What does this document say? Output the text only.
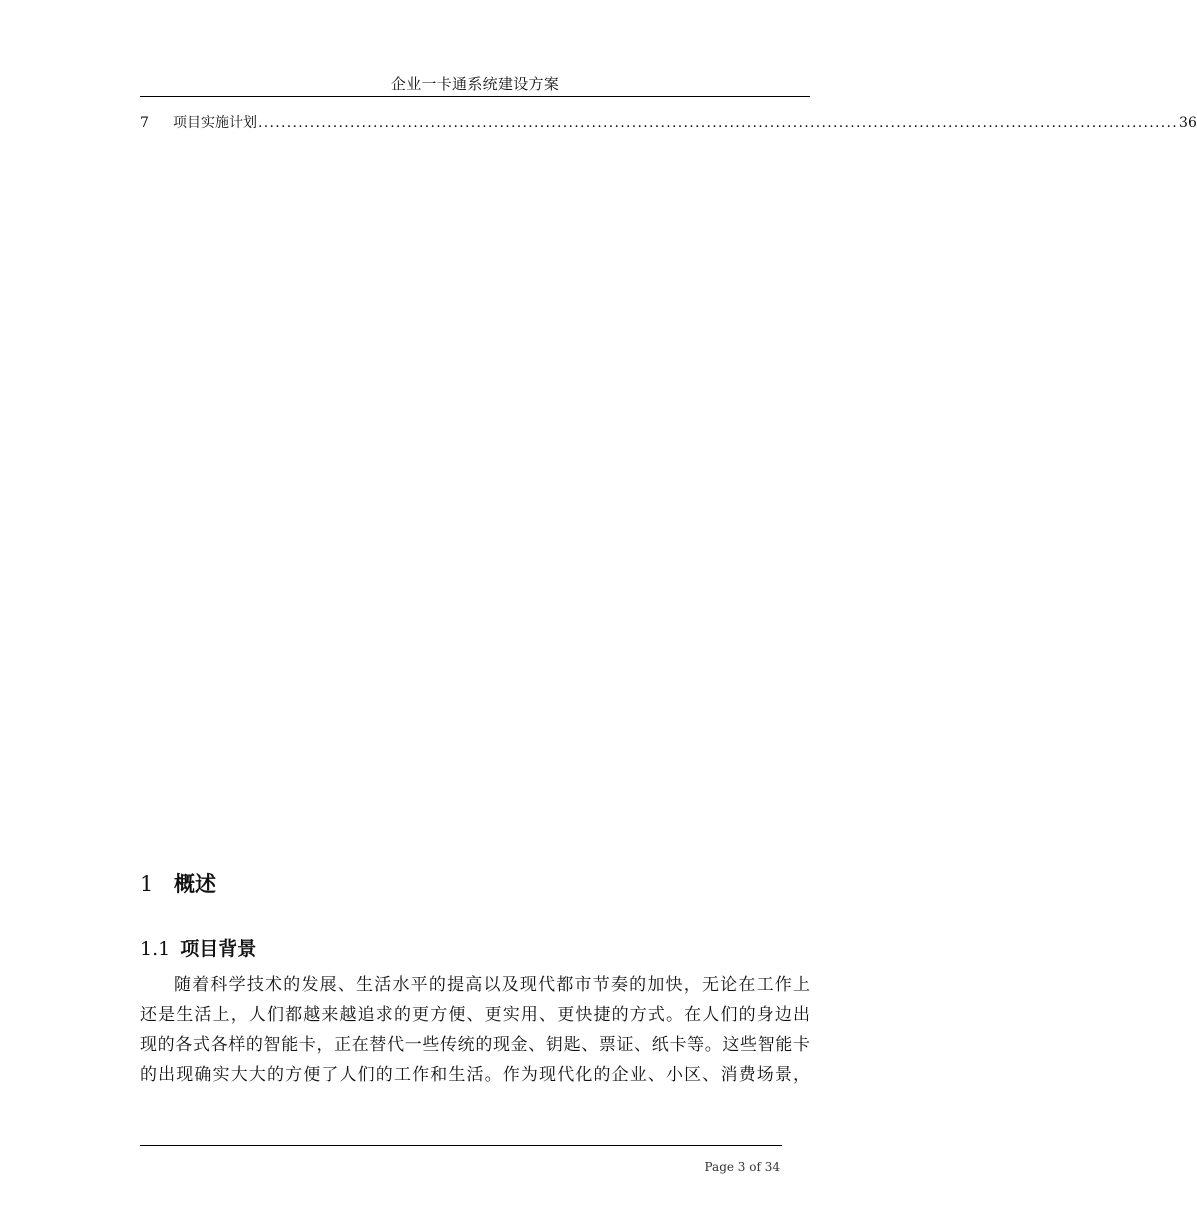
企业一卡通系统建设方案
7	项目实施计划 ................................................................................................................................................................ 36
1 概述
1.1 项目背景
随着科学技术的发展、生活水平的提高以及现代都市节奏的加快，无论在工作上
还是生活上，人们都越来越追求的更方便、更实用、更快捷的方式。在人们的身边出
现的各式各样的智能卡，正在替代一些传统的现金、钥匙、票证、纸卡等。这些智能卡
的出现确实大大的方便了人们的工作和生活。作为现代化的企业、小区、消费场景，
Page 3 of 34
